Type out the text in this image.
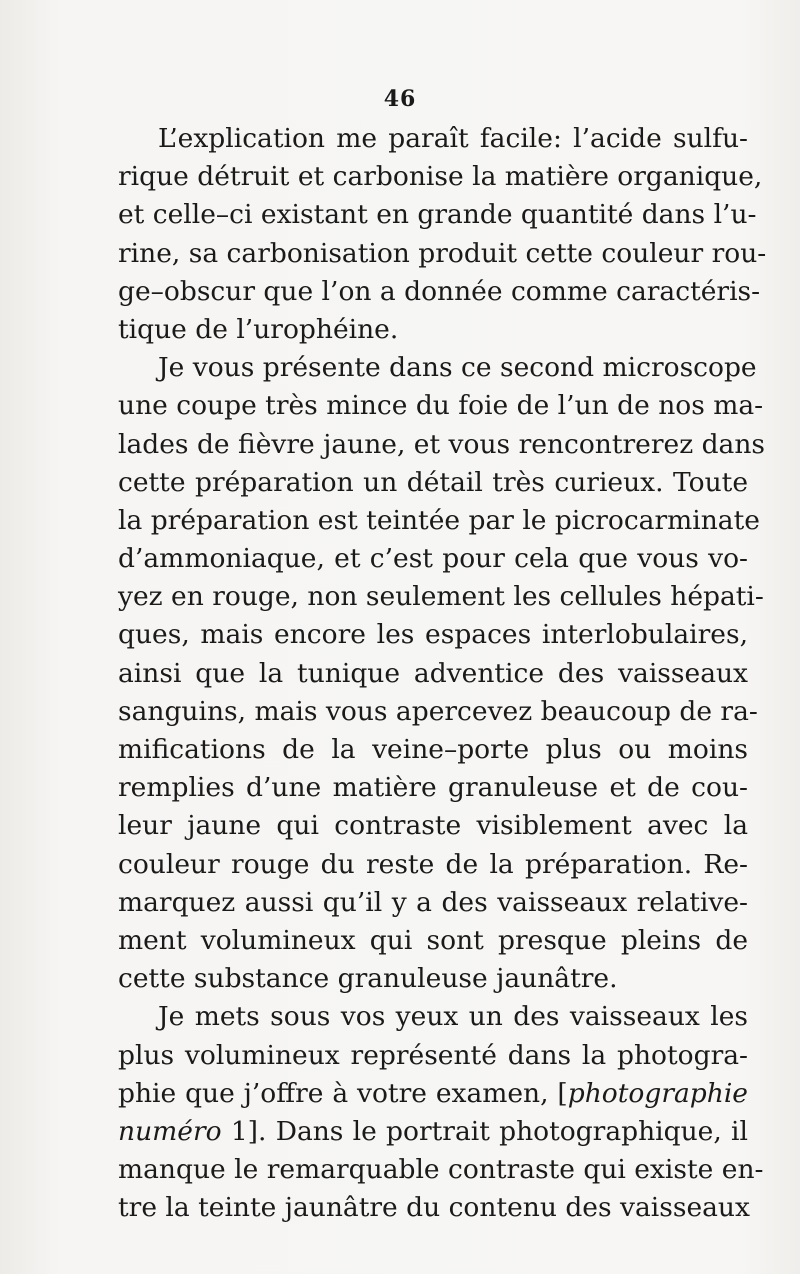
46
L’explication me paraît facile: l’acide sulfu-
rique détruit et carbonise la matière organique,
et celle–ci existant en grande quantité dans l’u-
rine, sa carbonisation produit cette couleur rou-
ge–obscur que l’on a donnée comme caractéris-
tique de l’urophéine.
Je vous présente dans ce second microscope
une coupe très mince du foie de l’un de nos ma-
lades de fièvre jaune, et vous rencontrerez dans
cette préparation un détail très curieux. Toute
la préparation est teintée par le picrocarminate
d’ammoniaque, et c’est pour cela que vous vo-
yez en rouge, non seulement les cellules hépati-
ques, mais encore les espaces interlobulaires,
ainsi que la tunique adventice des vaisseaux
sanguins, mais vous apercevez beaucoup de ra-
mifications de la veine–porte plus ou moins
remplies d’une matière granuleuse et de cou-
leur jaune qui contraste visiblement avec la
couleur rouge du reste de la préparation. Re-
marquez aussi qu’il y a des vaisseaux relative-
ment volumineux qui sont presque pleins de
cette substance granuleuse jaunâtre.
Je mets sous vos yeux un des vaisseaux les
plus volumineux représenté dans la photogra-
phie que j’offre à votre examen, [photographie
numéro 1]. Dans le portrait photographique, il
manque le remarquable contraste qui existe en-
tre la teinte jaunâtre du contenu des vaisseaux
